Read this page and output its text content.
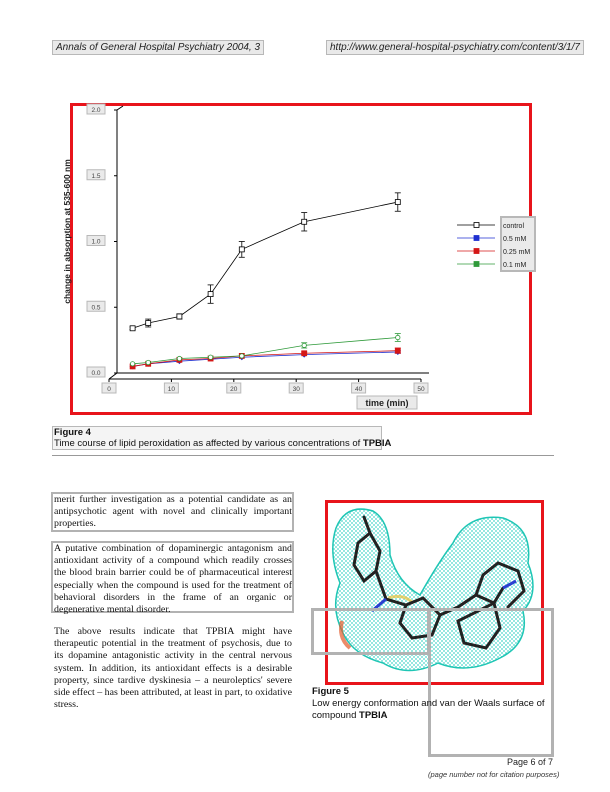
Annals of General Hospital Psychiatry 2004, 3	http://www.general-hospital-psychiatry.com/content/3/1/7
0.0
0.5
1.0
1.5
2.0
0	10	20	30	40	50
time (min)
change in absorption at 535-600 nm	control
0.5 mM
0.25 mM
0.1 mM
Figure 4
Time course of lipid peroxidation as affected by various concentrations of TPBIA
merit further investigation as a potential candidate as an antipsychotic agent with novel and clinically important properties.
A putative combination of dopaminergic antagonism and antioxidant activity of a compound which readily crosses the blood brain barrier could be of pharmaceutical interest especially when the compound is used for the treatment of behavioral disorders in the frame of an organic or degenerative mental disorder.
The above results indicate that TPBIA might have therapeutic potential in the treatment of psychosis, due to its dopamine antagonistic activity in the central nervous system. In addition, its antioxidant effects is a desirable property, since tardive dyskinesia – a neuroleptics' severe side effect – has been attributed, at least in part, to oxidative stress.
Figure 5
Low energy conformation and van der Waals surface of compound TPBIA
Page 6 of 7
(page number not for citation purposes)
